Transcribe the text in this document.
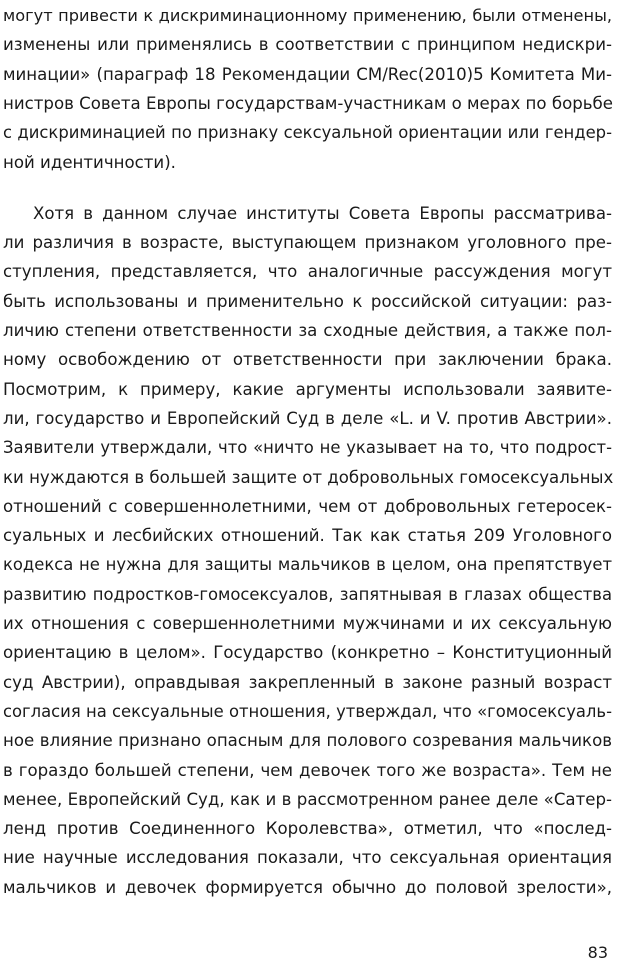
могут привести к дискриминационному применению, были отменены,
изменены или применялись в соответствии с принципом недискри-
минации» (параграф 18 Рекомендации CM/Rec(2010)5 Комитета Ми-
нистров Совета Европы государствам-участникам о мерах по борьбе
с дискриминацией по признаку сексуальной ориентации или гендер-
ной идентичности).
Хотя в данном случае институты Совета Европы рассматрива-
ли различия в возрасте, выступающем признаком уголовного пре-
ступления, представляется, что аналогичные рассуждения могут
быть использованы и применительно к российской ситуации: раз-
личию степени ответственности за сходные действия, а также пол-
ному освобождению от ответственности при заключении брака.
Посмотрим, к примеру, какие аргументы использовали заявите-
ли, государство и Европейский Суд в деле «L. и V. против Австрии».
Заявители утверждали, что «ничто не указывает на то, что подрост-
ки нуждаются в большей защите от добровольных гомосексуальных
отношений с совершеннолетними, чем от добровольных гетеросек-
суальных и лесбийских отношений. Так как статья 209 Уголовного
кодекса не нужна для защиты мальчиков в целом, она препятствует
развитию подростков-гомосексуалов, запятнывая в глазах общества
их отношения с совершеннолетними мужчинами и их сексуальную
ориентацию в целом». Государство (конкретно – Конституционный
суд Австрии), оправдывая закрепленный в законе разный возраст
согласия на сексуальные отношения, утверждал, что «гомосексуаль-
ное влияние признано опасным для полового созревания мальчиков
в гораздо большей степени, чем девочек того же возраста». Тем не
менее, Европейский Суд, как и в рассмотренном ранее деле «Сатер-
ленд против Соединенного Королевства», отметил, что «послед-
ние научные исследования показали, что сексуальная ориентация
мальчиков и девочек формируется обычно до половой зрелости»,
83
